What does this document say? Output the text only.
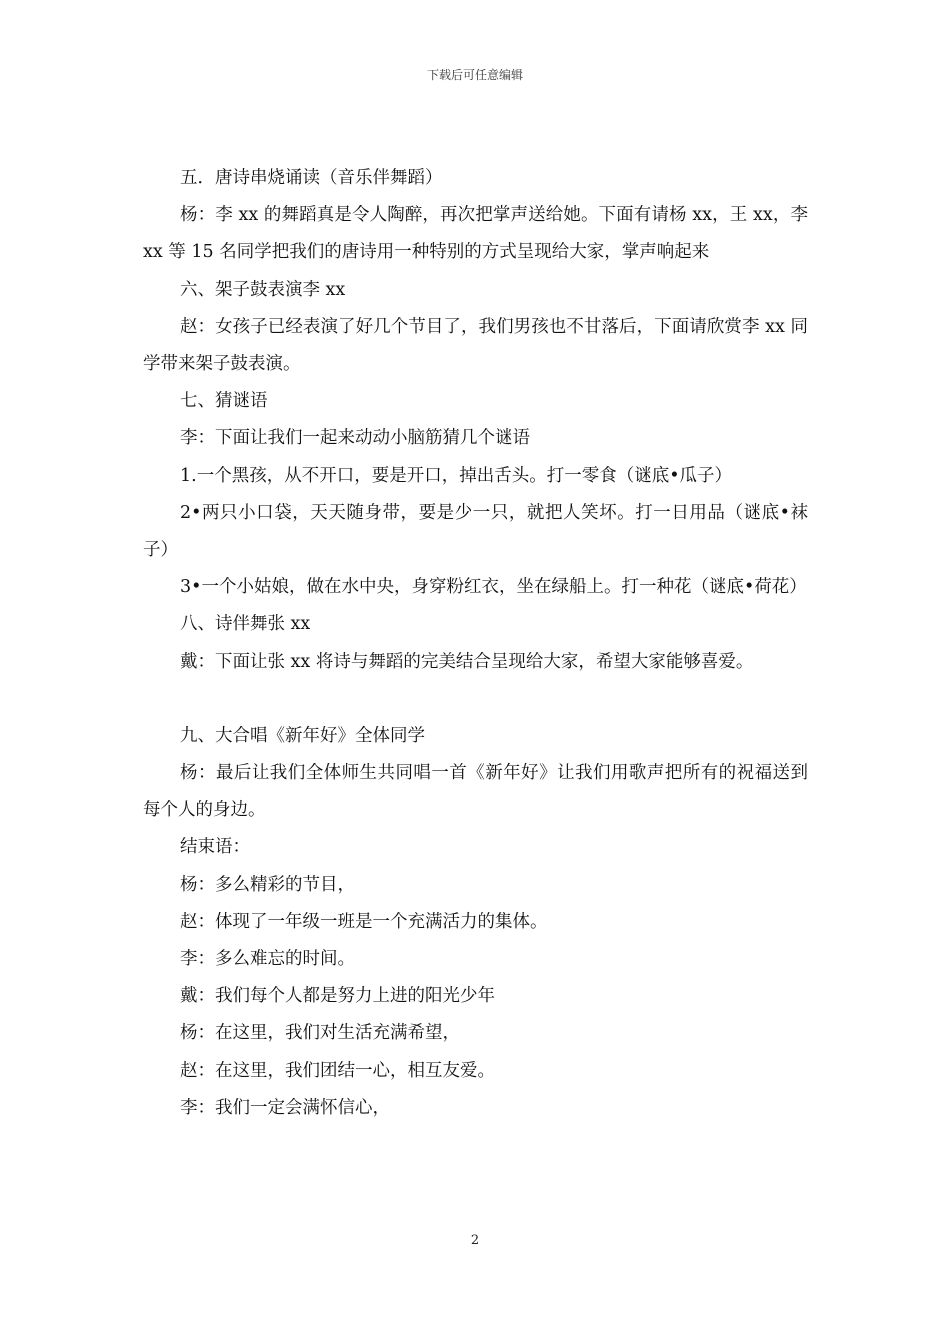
下载后可任意编辑

五．唐诗串烧诵读（音乐伴舞蹈）

杨：李 xx 的舞蹈真是令人陶醉，再次把掌声送给她。下面有请杨 xx，王 xx，李 xx 等 15 名同学把我们的唐诗用一种特别的方式呈现给大家，掌声响起来

六、架子鼓表演李 xx

赵：女孩子已经表演了好几个节目了，我们男孩也不甘落后，下面请欣赏李 xx 同学带来架子鼓表演。

七、猜谜语

李：下面让我们一起来动动小脑筋猜几个谜语

1.一个黑孩，从不开口，要是开口，掉出舌头。打一零食（谜底•瓜子）

2•两只小口袋，天天随身带，要是少一只，就把人笑坏。打一日用品（谜底•袜子）

3•一个小姑娘，做在水中央，身穿粉红衣，坐在绿船上。打一种花（谜底•荷花）

八、诗伴舞张 xx

戴：下面让张 xx 将诗与舞蹈的完美结合呈现给大家，希望大家能够喜爱。

九、大合唱《新年好》全体同学

杨：最后让我们全体师生共同唱一首《新年好》让我们用歌声把所有的祝福送到每个人的身边。

结束语：

杨：多么精彩的节目，

赵：体现了一年级一班是一个充满活力的集体。

李：多么难忘的时间。

戴：我们每个人都是努力上进的阳光少年

杨：在这里，我们对生活充满希望，

赵：在这里，我们团结一心，相互友爱。

李：我们一定会满怀信心，

2
